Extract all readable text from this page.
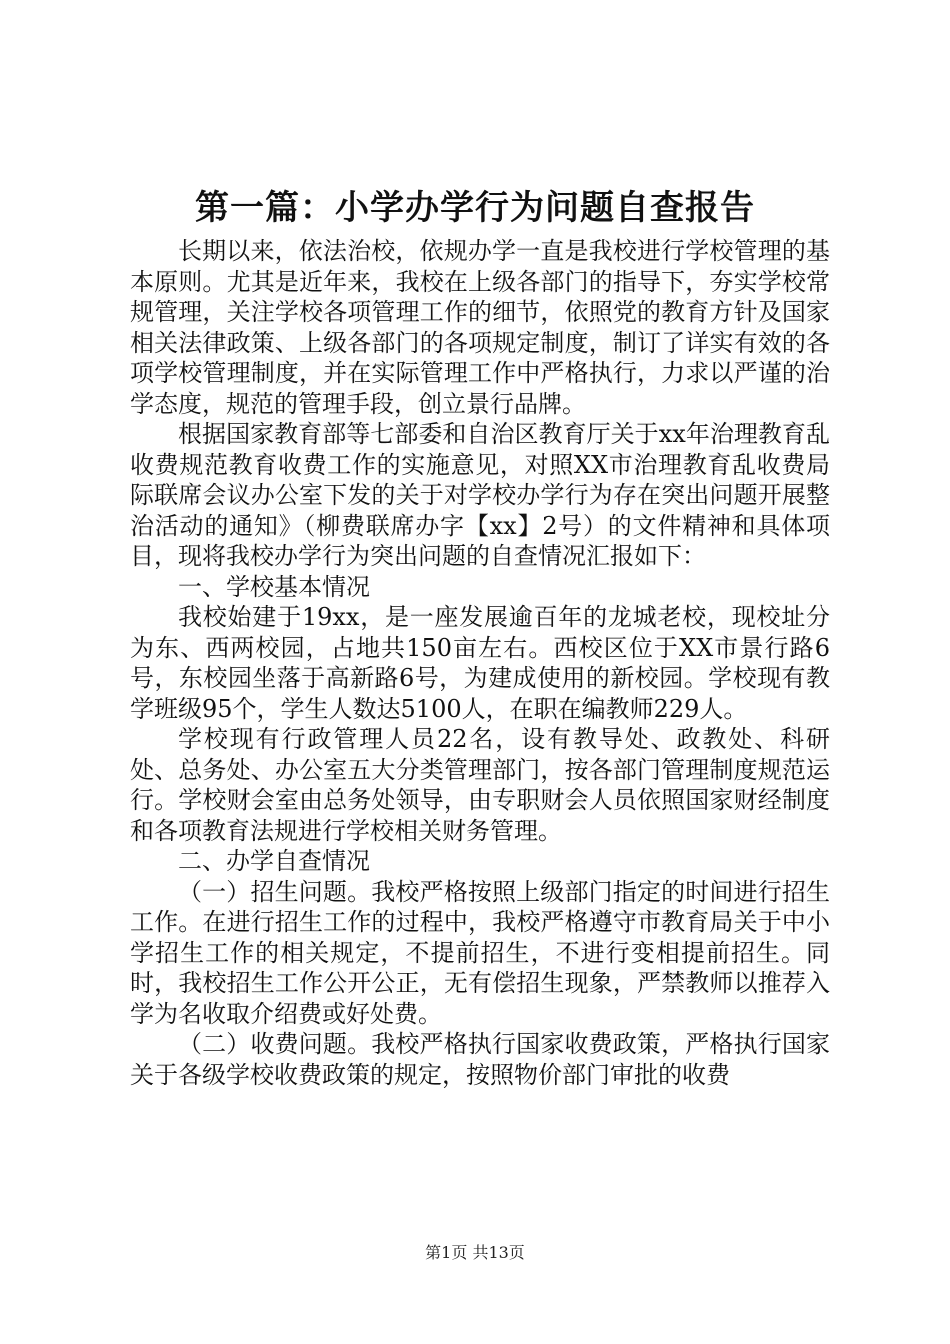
第一篇：小学办学行为问题自查报告

长期以来，依法治校，依规办学一直是我校进行学校管理的基本原则。尤其是近年来，我校在上级各部门的指导下，夯实学校常规管理，关注学校各项管理工作的细节，依照党的教育方针及国家相关法律政策、上级各部门的各项规定制度，制订了详实有效的各项学校管理制度，并在实际管理工作中严格执行，力求以严谨的治学态度，规范的管理手段，创立景行品牌。

根据国家教育部等七部委和自治区教育厅关于xx年治理教育乱收费规范教育收费工作的实施意见，对照XX市治理教育乱收费局际联席会议办公室下发的关于对学校办学行为存在突出问题开展整治活动的通知》（柳费联席办字【xx】2号）的文件精神和具体项目，现将我校办学行为突出问题的自查情况汇报如下：

一、学校基本情况

我校始建于19xx，是一座发展逾百年的龙城老校，现校址分为东、西两校园，占地共150亩左右。西校区位于XX市景行路6号，东校园坐落于高新路6号，为建成使用的新校园。学校现有教学班级95个，学生人数达5100人，在职在编教师229人。

学校现有行政管理人员22名，设有教导处、政教处、科研处、总务处、办公室五大分类管理部门，按各部门管理制度规范运行。学校财会室由总务处领导，由专职财会人员依照国家财经制度和各项教育法规进行学校相关财务管理。

二、办学自查情况

（一）招生问题。我校严格按照上级部门指定的时间进行招生工作。在进行招生工作的过程中，我校严格遵守市教育局关于中小学招生工作的相关规定，不提前招生，不进行变相提前招生。同时，我校招生工作公开公正，无有偿招生现象，严禁教师以推荐入学为名收取介绍费或好处费。

（二）收费问题。我校严格执行国家收费政策，严格执行国家关于各级学校收费政策的规定，按照物价部门审批的收费

第1页 共13页
